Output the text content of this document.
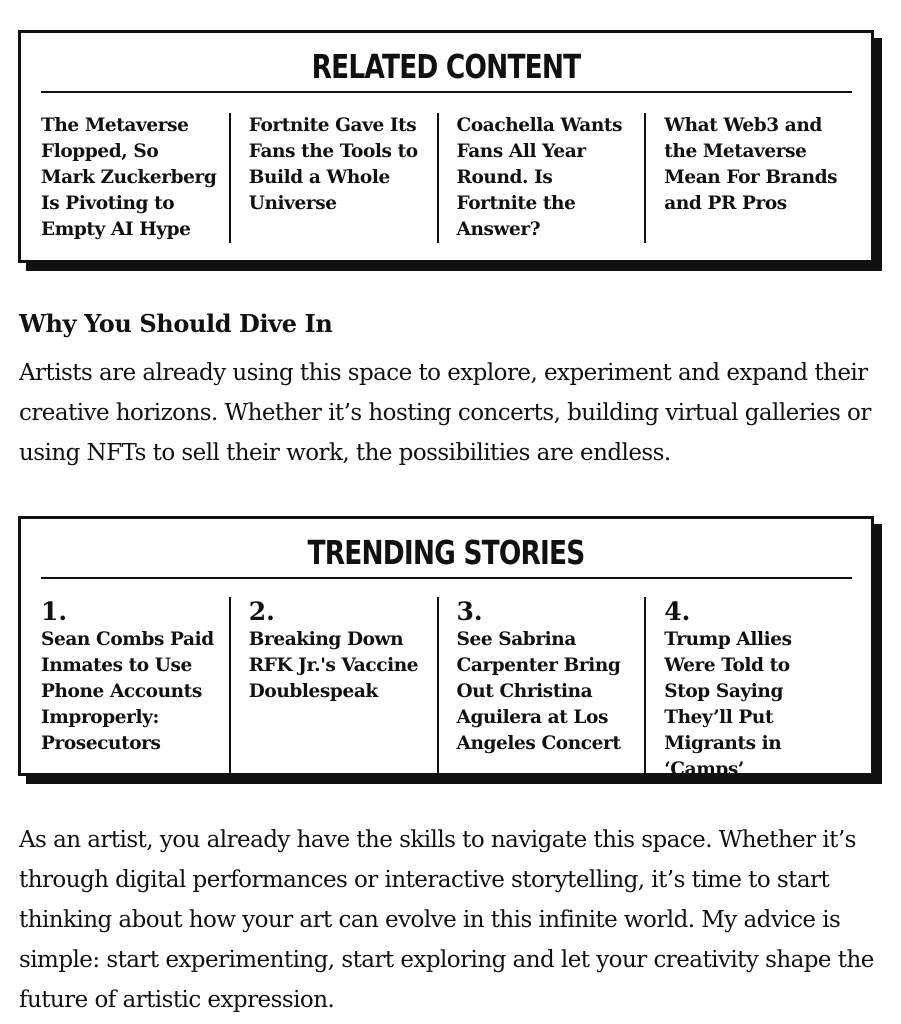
RELATED CONTENT
The Metaverse Flopped, So Mark Zuckerberg Is Pivoting to Empty AI Hype
Fortnite Gave Its Fans the Tools to Build a Whole Universe
Coachella Wants Fans All Year Round. Is Fortnite the Answer?
What Web3 and the Metaverse Mean For Brands and PR Pros
Why You Should Dive In

Artists are already using this space to explore, experiment and expand their creative horizons. Whether it’s hosting concerts, building virtual galleries or using NFTs to sell their work, the possibilities are endless.

TRENDING STORIES
1.
Sean Combs Paid Inmates to Use Phone Accounts Improperly: Prosecutors
2.
Breaking Down RFK Jr.'s Vaccine Doublespeak
3.
See Sabrina Carpenter Bring Out Christina Aguilera at Los Angeles Concert
4.
Trump Allies Were Told to Stop Saying They’ll Put Migrants in ‘Camps’

As an artist, you already have the skills to navigate this space. Whether it’s through digital performances or interactive storytelling, it’s time to start thinking about how your art can evolve in this infinite world. My advice is simple: start experimenting, start exploring and let your creativity shape the future of artistic expression.
